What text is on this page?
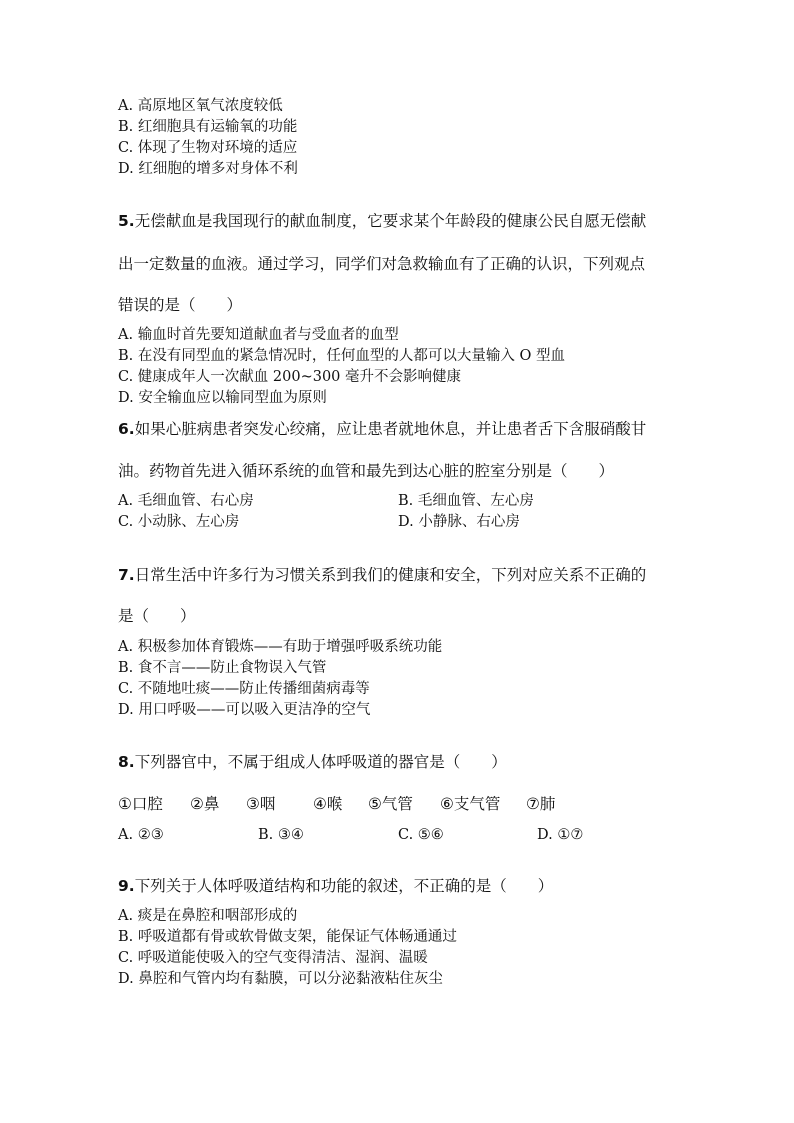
A. 高原地区氧气浓度较低
B. 红细胞具有运输氧的功能
C. 体现了生物对环境的适应
D. 红细胞的增多对身体不利
5.无偿献血是我国现行的献血制度，它要求某个年龄段的健康公民自愿无偿献
出一定数量的血液。通过学习，同学们对急救输血有了正确的认识，下列观点
错误的是（　　）
A. 输血时首先要知道献血者与受血者的血型
B. 在没有同型血的紧急情况时，任何血型的人都可以大量输入 O 型血
C. 健康成年人一次献血 200~300 毫升不会影响健康
D. 安全输血应以输同型血为原则
6.如果心脏病患者突发心绞痛，应让患者就地休息，并让患者舌下含服硝酸甘
油。药物首先进入循环系统的血管和最先到达心脏的腔室分别是（　　）
A. 毛细血管、右心房	B. 毛细血管、左心房
C. 小动脉、左心房	D. 小静脉、右心房
7.日常生活中许多行为习惯关系到我们的健康和安全，下列对应关系不正确的
是（　　）
A. 积极参加体育锻炼——有助于增强呼吸系统功能
B. 食不言——防止食物误入气管
C. 不随地吐痰——防止传播细菌病毒等
D. 用口呼吸——可以吸入更洁净的空气
8.下列器官中，不属于组成人体呼吸道的器官是（　　）
①口腔 ②鼻 ③咽 ④喉 ⑤气管 ⑥支气管 ⑦肺
A. ②③	B. ③④	C. ⑤⑥	D. ①⑦
9.下列关于人体呼吸道结构和功能的叙述，不正确的是（　　）
A. 痰是在鼻腔和咽部形成的
B. 呼吸道都有骨或软骨做支架，能保证气体畅通通过
C. 呼吸道能使吸入的空气变得清洁、湿润、温暖
D. 鼻腔和气管内均有黏膜，可以分泌黏液粘住灰尘
